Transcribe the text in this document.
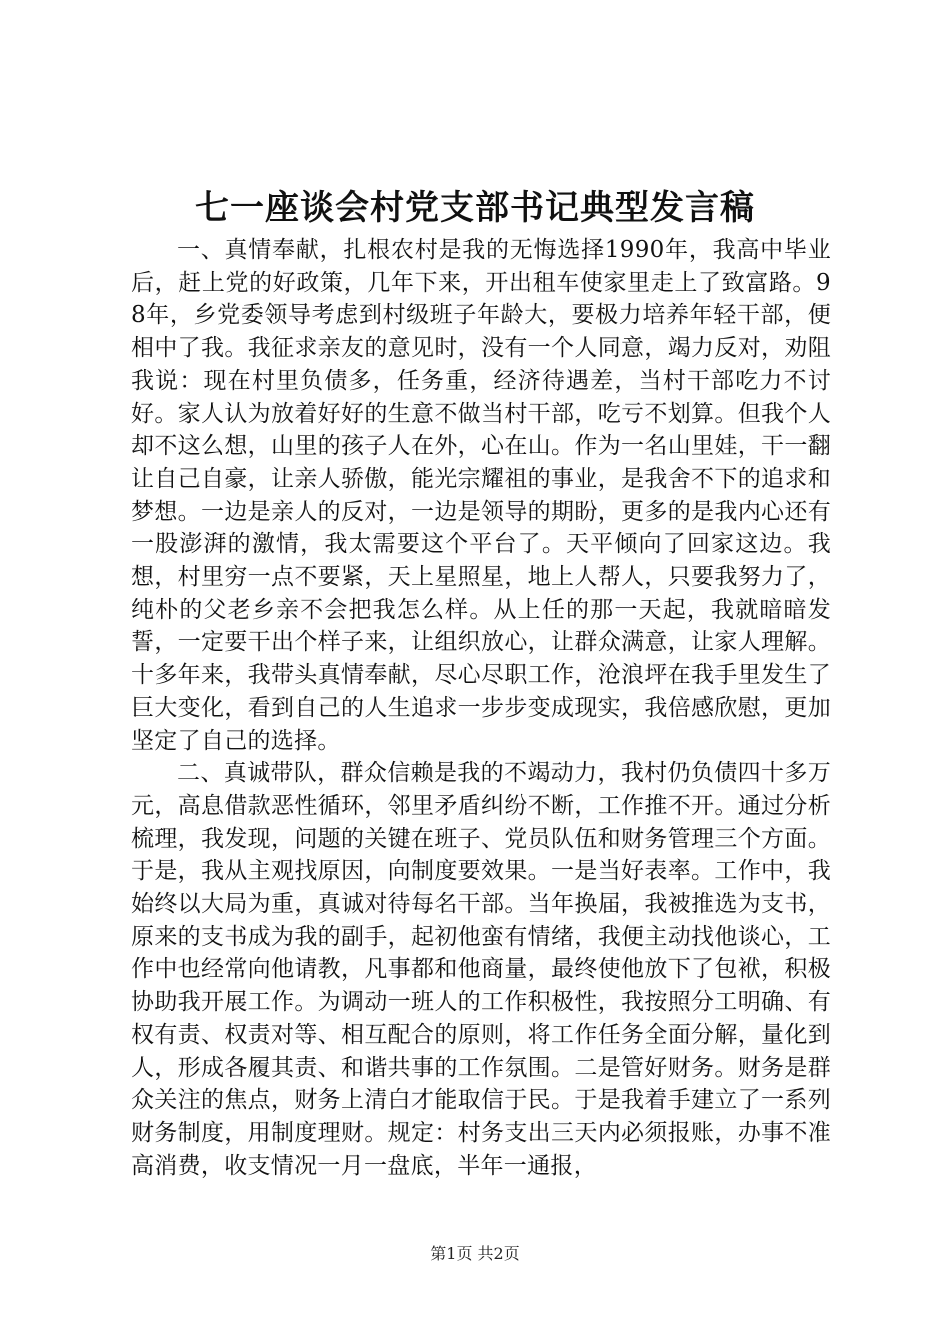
七一座谈会村党支部书记典型发言稿

一、真情奉献，扎根农村是我的无悔选择1990年，我高中毕业后，赶上党的好政策，几年下来，开出租车使家里走上了致富路。98年，乡党委领导考虑到村级班子年龄大，要极力培养年轻干部，便相中了我。我征求亲友的意见时，没有一个人同意，竭力反对，劝阻我说：现在村里负债多，任务重，经济待遇差，当村干部吃力不讨好。家人认为放着好好的生意不做当村干部，吃亏不划算。但我个人却不这么想，山里的孩子人在外，心在山。作为一名山里娃，干一翻让自己自豪，让亲人骄傲，能光宗耀祖的事业，是我舍不下的追求和梦想。一边是亲人的反对，一边是领导的期盼，更多的是我内心还有一股澎湃的激情，我太需要这个平台了。天平倾向了回家这边。我想，村里穷一点不要紧，天上星照星，地上人帮人，只要我努力了，纯朴的父老乡亲不会把我怎么样。从上任的那一天起，我就暗暗发誓，一定要干出个样子来，让组织放心，让群众满意，让家人理解。十多年来，我带头真情奉献，尽心尽职工作，沧浪坪在我手里发生了巨大变化，看到自己的人生追求一步步变成现实，我倍感欣慰，更加坚定了自己的选择。

二、真诚带队，群众信赖是我的不竭动力，我村仍负债四十多万元，高息借款恶性循环，邻里矛盾纠纷不断，工作推不开。通过分析梳理，我发现，问题的关键在班子、党员队伍和财务管理三个方面。于是，我从主观找原因，向制度要效果。一是当好表率。工作中，我始终以大局为重，真诚对待每名干部。当年换届，我被推选为支书，原来的支书成为我的副手，起初他蛮有情绪，我便主动找他谈心，工作中也经常向他请教，凡事都和他商量，最终使他放下了包袱，积极协助我开展工作。为调动一班人的工作积极性，我按照分工明确、有权有责、权责对等、相互配合的原则，将工作任务全面分解，量化到人，形成各履其责、和谐共事的工作氛围。二是管好财务。财务是群众关注的焦点，财务上清白才能取信于民。于是我着手建立了一系列财务制度，用制度理财。规定：村务支出三天内必须报账，办事不准高消费，收支情况一月一盘底，半年一通报，

第1页 共2页
